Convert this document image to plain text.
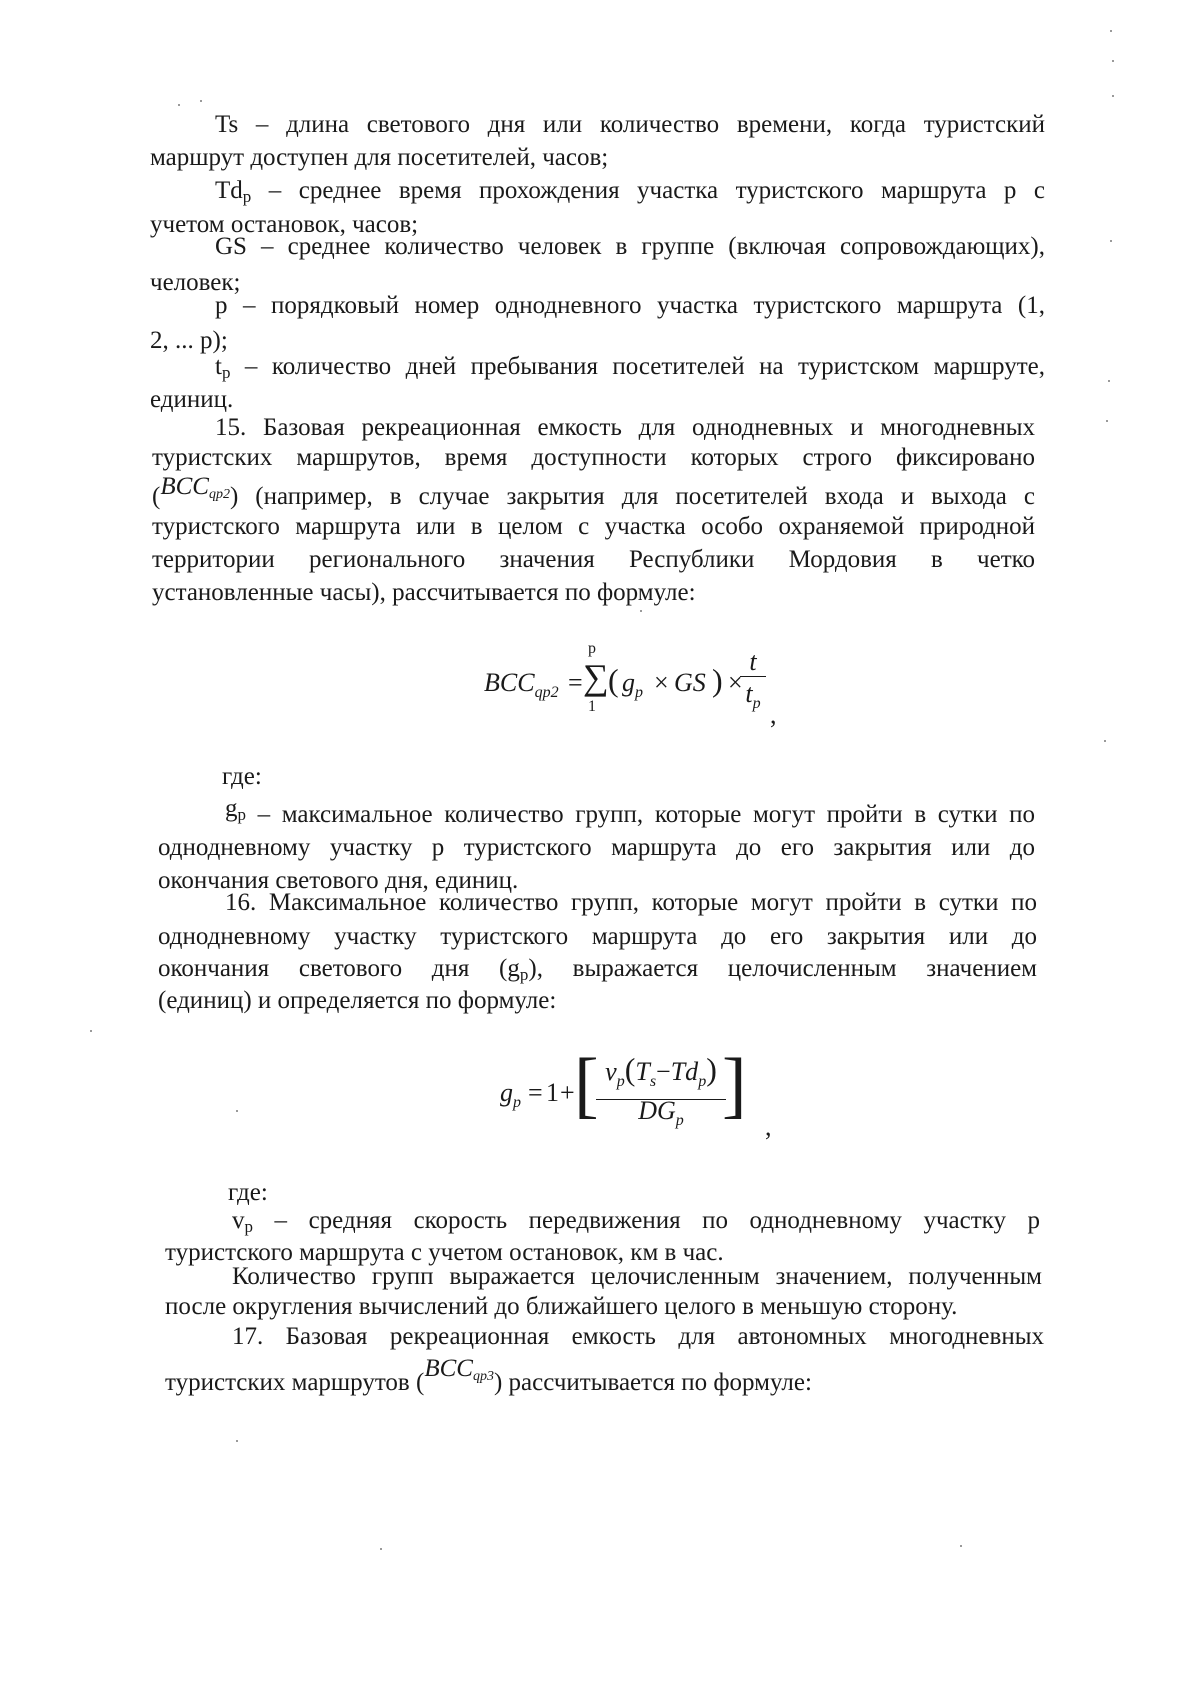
Ts – длина светового дня или количество времени, когда туристский
маршрут доступен для посетителей, часов;
$Td_p$ – среднее время прохождения участка туристского маршрута p с
учетом остановок, часов;
GS – среднее количество человек в группе (включая сопровождающих),
человек;
p – порядковый номер однодневного участка туристского маршрута (1,
2, ... p);
$t_p$ – количество дней пребывания посетителей на туристском маршруте,
единиц.
15. Базовая рекреационная емкость для однодневных и многодневных
туристских маршрутов, время доступности которых строго фиксировано
$(BCC_{qp2})$ (например, в случае закрытия для посетителей входа и выхода с
туристского маршрута или в целом с участка особо охраняемой природной
территории регионального значения Республики Мордовия в четко
установленные часы), рассчитывается по формуле:
$BCC_{qp2}$ =
p
∑
1
( $g_p$ × GS ) ×
t
$t_p$ ,
где:
$g_p$ – максимальное количество групп, которые могут пройти в сутки по
однодневному участку p туристского маршрута до его закрытия или до
окончания светового дня, единиц.
16. Максимальное количество групп, которые могут пройти в сутки по
однодневному участку туристского маршрута до его закрытия или до
окончания светового дня $(g_p)$, выражается целочисленным значением
(единиц) и определяется по формуле:
$g_p = 1$ + [ $v_p(T_s-Td_p)$
$DG_p$ ]
,
где:
$v_p$ – средняя скорость передвижения по однодневному участку p
туристского маршрута с учетом остановок, км в час.
Количество групп выражается целочисленным значением, полученным
после округления вычислений до ближайшего целого в меньшую сторону.
17. Базовая рекреационная емкость для автономных многодневных
туристских маршрутов $(BCC_{qp3})$ рассчитывается по формуле:
